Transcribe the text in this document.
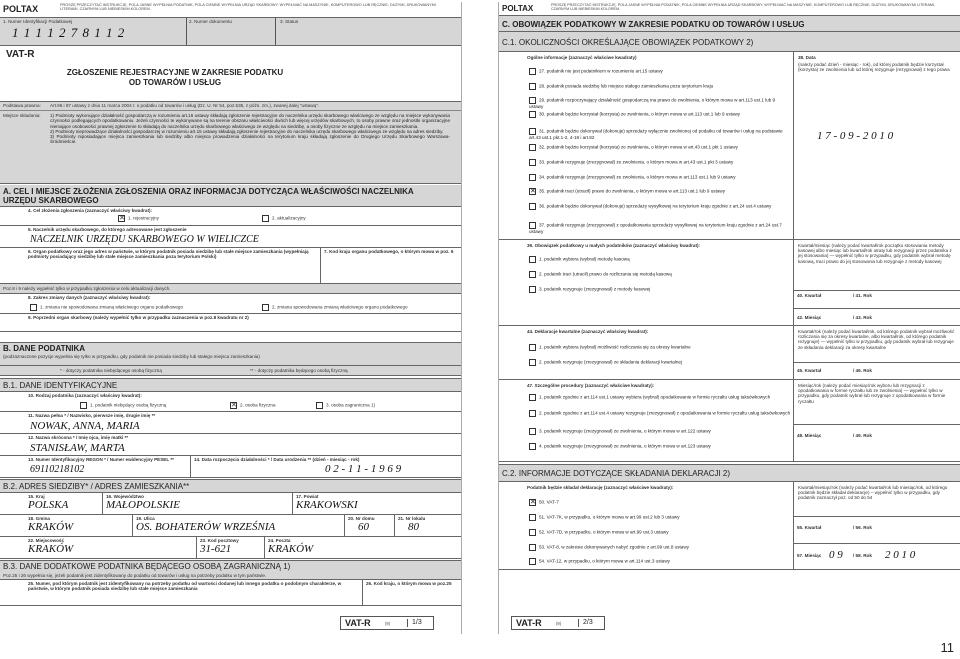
POLTAX	PROSZĘ PRZECZYTAĆ INSTRUKCJĘ. POLA JASNE WYPEŁNIA PODATNIK, POLA CIEMNE WYPEŁNIA URZĄD SKARBOWY. WYPEŁNIAĆ NA MASZYNIE, KOMPUTEROWO LUB RĘCZNIE, DUŻYMI, DRUKOWANYMI LITERAMI, CZARNYM LUB NIEBIESKIM KOLOREM.
1. Numer Identyfikacji Podatkowej
1 1 1 1 2 7 8 1 1 2
2. Numer dokumentu	3. Status
VAT-R
ZGŁOSZENIE REJESTRACYJNE W ZAKRESIE PODATKU OD TOWARÓW I USŁUG
Podstawa prawna: Art.96 i 97 ustawy z dnia 11 marca 2004 r. o podatku od towarów i usług (Dz. U. Nr 54, poz.535, z późn. zm.), zwanej dalej "ustawą".
Miejsce składania: 1) Podmioty wykonujące działalność gospodarczą w rozumieniu art.15 ustawy składają zgłoszenie rejestracyjne do naczelnika urzędu skarbowego właściwego ze względu na miejsce wykonywania czynności podlegających opodatkowaniu. Jeżeli czynności te wykonywane są na terenie obszaru właściwości dwóch lub więcej urzędów skarbowych, to osoby prawne oraz jednostki organizacyjne niemające osobowości prawnej zgłoszenie to składają do naczelnika urzędu skarbowego właściwego ze względu na siedzibę, a osoby fizyczne ze względu na miejsce zamieszkania.
2) Podmioty nieprowadzące działalności gospodarczej w rozumieniu art.15 ustawy składają zgłoszenie rejestracyjne do naczelnika urzędu skarbowego właściwego ze względu na adres siedziby.
3) Podmioty niposiadające miejsca zamieszkania lub siedziby albo miejsca prowadzenia działalności na terytorium kraju składają zgłoszenie do Drugiego Urzędu Skarbowego Warszawa-Śródmieście.
A. CEL I MIEJSCE ZŁOŻENIA ZGŁOSZENIA ORAZ INFORMACJA DOTYCZĄCA WŁAŚCIWOŚCI NACZELNIKA URZĘDU SKARBOWEGO
4. Cel złożenia zgłoszenia (zaznaczyć właściwy kwadrat):
✕1. rejestracyjny	2. aktualizacyjny
5. Naczelnik urzędu skarbowego, do którego adresowane jest zgłoszenie
NACZELNIK URZĘDU SKARBOWEGO W WIELICZCE
6. Organ podatkowy oraz jego adres w państwie, w którym podatnik posiada siedzibę lub stałe miejsce zamieszkania (wypełniają podmioty posiadający siedzibę lub stałe miejsce zamieszkania poza terytorium Polski)
7. Kod kraju organu podatkowego, o którym mowa w poz. 6
Poz.8 i 9 należy wypełnić tylko w przypadku zgłoszenia w celu aktualizacji danych.
8. Zakres zmiany danych (zaznaczyć właściwy kwadrat):
1. zmiana nie spowodowana zmianą właściwego organu podatkowego	2. zmiana spowodowana zmianą właściwego organu podatkowego
9. Poprzedni organ skarbowy (należy wypełnić tylko w przypadku zaznaczenia w poz.8 kwadratu nr 2)
B. DANE PODATNIKA
(podzaznaczone pozycje wypełnia się tylko w przypadku, gdy podatnik nie posiada siedziby lub stałego miejsca zamieszkania)
* - dotyczy podatnika niebędącego osobą fizyczną	** - dotyczy podatnika będącego osobą fizyczną
B.1. DANE IDENTYFIKACYJNE
10. Rodzaj podatnika (zaznaczyć właściwy kwadrat):
1. podatnik niebędący osobą fizyczną
✕	2. osoba fizyczna	3. osoba zagraniczna 1)
11. Nazwa pełna * / Nazwisko, pierwsze imię, drugie imię **
NOWAK, ANNA, MARIA
12. Nazwa skrócona * / Imię ojca, imię matki **
STANISŁAW, MARTA
13. Numer Identyfikacyjny REGON * / Numer ewidencyjny PESEL **
69110218102
14. Data rozpoczęcia działalności * / Data urodzenia ** (dzień - miesiąc - rok)
0 2 - 1 1 - 1 9 6 9
B.2. ADRES SIEDZIBY* / ADRES ZAMIESZKANIA**
15. Kraj
POLSKA
16. Województwo
MAŁOPOLSKIE
17. Powiat
KRAKOWSKI
18. Gmina
KRAKÓW
19. Ulica
OS. BOHATERÓW WRZEŚNIA
20. Nr domu
60
21. Nr lokalu
80
22. Miejscowość
KRAKÓW
23. Kod pocztowy
31-621
24. Poczta
KRAKÓW
B.3. DANE DODATKOWE PODATNIKA BĘDĄCEGO OSOBĄ ZAGRANICZNĄ 1)
Poz.25 i 26 wypełnia się, jeżeli podatnik jest zidentyfikowany do podatku od towarów i usług na potrzeby podatku w tym państwie.
25. Numer, pod którym podatnik jest zidentyfikowany na potrzeby podatku od wartości dodanej lub innego podatku o podobnym charakterze, w państwie, w którym podatnik posiada siedzibę lub stałe miejsce zamieszkania
26. Kod kraju, o którym mowa w poz.25
VAT-R	(9)	1/3
POLTAX	PROSZĘ PRZECZYTAĆ INSTRUKCJĘ. POLA JASNE WYPEŁNIA PODATNIK, POLA CIEMNE WYPEŁNIA URZĄD SKARBOWY. WYPEŁNIAĆ NA MASZYNIE, KOMPUTEROWO LUB RĘCZNIE, DUŻYMI, DRUKOWANYMI LITERAMI, CZARNYM LUB NIEBIESKIM KOLOREM.
C. OBOWIĄZEK PODATKOWY W ZAKRESIE PODATKU OD TOWARÓW I USŁUG
C.1. OKOLICZNOŚCI OKREŚLAJĄCE OBOWIĄZEK PODATKOWY 2)
Ogólne informacje (zaznaczyć właściwe kwadraty)
27. podatnik nie jest podatnikiem w rozumieniu art.15 ustawy
28. podatnik posiada siedzibę lub miejsce stałego zamieszkania poza terytorium kraju
29. podatnik rozpoczynający działalność gospodarczą ma prawo do zwolnienia, o którym mowa w art.113 ust.1 lub 9 ustawy
30. podatnik będzie korzystał (korzysta) ze zwolnienia, o którym mowa w art.113 ust.1 lub 9 ustawy
31. podatnik będzie dokonywał (dokonuje) sprzedaży wyłącznie zwolnionej od podatku od towarów i usług na podstawie art.43 ust.1 pkt.1-2, 4-18 i art.82
32. podatnik będzie korzystał (korzysta) ze zwolnienia, o którym mowa w art.43 ust.1 pkt 1 ustawy
33. podatnik rezygnuje (zrezygnował) ze zwolnienia, o którym mowa w art.43 ust.1 pkt 3 ustawy
34. podatnik rezygnuje (zrezygnował) ze zwolnienia, o którym mowa w art.113 ust.1 lub 9 ustawy
✕35. podatnik traci (utracił) prawo do zwolnienia, o którym mowa w art.113 ust.1 lub 9 ustawy
36. podatnik będzie dokonywał (dokonuje) sprzedaży wysyłkowej na terytorium kraju zgodnie z art.24 ust.4 ustawy
37. podatnik rezygnuje (zrezygnował) z opodatkowania sprzedaży wysyłkowej na terytorium kraju zgodnie z art.24 ust.7 ustawy
38. Data
(należy podać dzień - miesiąc - rok), od której podatnik będzie korzystał (korzysta) ze zwolnienia lub od której rezygnuje (rezygnował) z tego prawa
1 7 - 0 9 - 2 0 1 0
39. Obowiązek podatkowy u małych podatników (zaznaczyć właściwy kwadrat):
1. podatnik wybiera (wybrał) metodę kasową
2. podatnik traci (utracił) prawo do rozliczania się metodą kasową
3. podatnik rezygnuje (zrezygnował) z metody kasowej
Kwartał/miesiąc (należy podać kwartał/rok początku stosowania metody kasowej albo miesiąc lub kwartał/rok utraty lub rezygnacji przez podatnika z jej stosowania) — wypełnić tylko w przypadku, gdy podatnik wybrał metodę kasową, traci prawo do jej stosowania lub rezygnuje z metody kasowej
40. Kwartał	/ 41. Rok
42. Miesiąc	/ 43. Rok
44. Deklaracje kwartalne (zaznaczyć właściwy kwadrat):
1. podatnik wybiera (wybrał) możliwość rozliczania się za okresy kwartalne
2. podatnik rezygnuje (zrezygnował) ze składania deklaracji kwartalnej
Kwartał/rok (należy podać kwartał/rok, od którego podatnik wybrał możliwość rozliczania się za okresy kwartalne, albo kwartał/rok, od którego podatnik rezygnuje) — wypełnić tylko w przypadku, gdy podatnik wybrał lub rezygnuje ze składania deklaracji za okresy kwartalne
45. Kwartał	/ 46. Rok
47. Szczególne procedury (zaznaczyć właściwe kwadraty):
1. podatnik zgodnie z art.114 ust.1 ustawy wybiera (wybrał) opodatkowanie w formie ryczałtu usług taksówkowych
2. podatnik zgodnie z art.114 ust.4 ustawy rezygnuje (zrezygnował) z opodatkowania w formie ryczałtu usług taksówkowych
3. podatnik rezygnuje (zrezygnował) ze zwolnienia, o którym mowa w art.122 ustawy
4. podatnik rezygnuje (zrezygnował) ze zwolnienia, o którym mowa w art.123 ustawy
Miesiąc/rok (należy podać miesiąc/rok wyboru lub rezygnacji z opodatkowania w formie ryczałtu lub ze zwolnienia) — wypełnić tylko w przypadku, gdy podatnik wybrał lub rezygnuje z opodatkowania w formie ryczałtu
48. Miesiąc	/ 49. Rok
C.2. INFORMACJE DOTYCZĄCE SKŁADANIA DEKLARACJI 2)
Podatnik będzie składał deklarację (zaznaczyć właściwe kwadraty):
✕50. VAT-7
51. VAT-7K, w przypadku, o którym mowa w art.99 ust.2 lub 3 ustawy
52. VAT-7D, w przypadku, o którym mowa w art.99 ust.3 ustawy
53. VAT-8, w zakresie dokonywanych nabyć zgodnie z art.99 ust.8 ustawy
54. VAT-12, w przypadku, o którym mowa w art.114 ust.3 ustawy
Kwartał/miesiąc/rok (należy podać kwartał/rok lub miesiąc/rok, od którego podatnik będzie składał deklaracje) – wypełnić tylko w przypadku, gdy podatnik zaznaczył poz. od 50 do 54
55. Kwartał	/ 56. Rok
57. Miesiąc 0 9 / 58. Rok 2 0 1 0
VAT-R	(9)	2/3
11
